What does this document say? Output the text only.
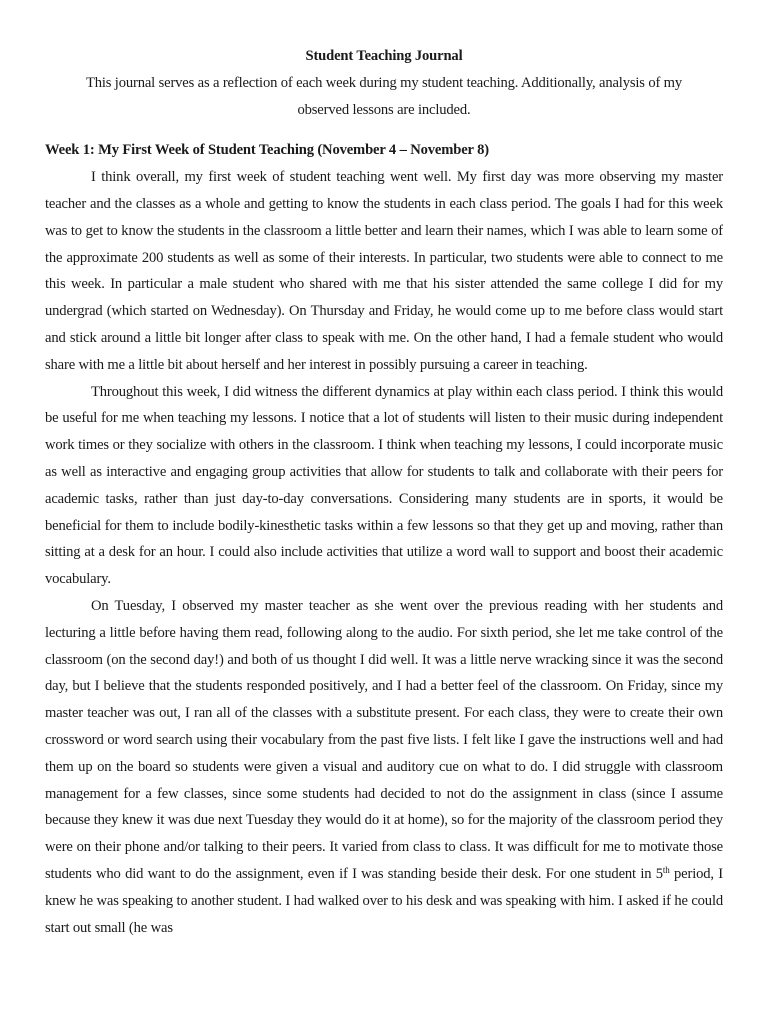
Student Teaching Journal

This journal serves as a reflection of each week during my student teaching. Additionally, analysis of my observed lessons are included.

Week 1: My First Week of Student Teaching (November 4 – November 8)

I think overall, my first week of student teaching went well. My first day was more observing my master teacher and the classes as a whole and getting to know the students in each class period. The goals I had for this week was to get to know the students in the classroom a little better and learn their names, which I was able to learn some of the approximate 200 students as well as some of their interests. In particular, two students were able to connect to me this week. In particular a male student who shared with me that his sister attended the same college I did for my undergrad (which started on Wednesday). On Thursday and Friday, he would come up to me before class would start and stick around a little bit longer after class to speak with me. On the other hand, I had a female student who would share with me a little bit about herself and her interest in possibly pursuing a career in teaching.

Throughout this week, I did witness the different dynamics at play within each class period. I think this would be useful for me when teaching my lessons. I notice that a lot of students will listen to their music during independent work times or they socialize with others in the classroom. I think when teaching my lessons, I could incorporate music as well as interactive and engaging group activities that allow for students to talk and collaborate with their peers for academic tasks, rather than just day-to-day conversations. Considering many students are in sports, it would be beneficial for them to include bodily-kinesthetic tasks within a few lessons so that they get up and moving, rather than sitting at a desk for an hour. I could also include activities that utilize a word wall to support and boost their academic vocabulary.

On Tuesday, I observed my master teacher as she went over the previous reading with her students and lecturing a little before having them read, following along to the audio. For sixth period, she let me take control of the classroom (on the second day!) and both of us thought I did well. It was a little nerve wracking since it was the second day, but I believe that the students responded positively, and I had a better feel of the classroom. On Friday, since my master teacher was out, I ran all of the classes with a substitute present. For each class, they were to create their own crossword or word search using their vocabulary from the past five lists. I felt like I gave the instructions well and had them up on the board so students were given a visual and auditory cue on what to do. I did struggle with classroom management for a few classes, since some students had decided to not do the assignment in class (since I assume because they knew it was due next Tuesday they would do it at home), so for the majority of the classroom period they were on their phone and/or talking to their peers. It varied from class to class. It was difficult for me to motivate those students who did want to do the assignment, even if I was standing beside their desk. For one student in 5th period, I knew he was speaking to another student. I had walked over to his desk and was speaking with him. I asked if he could start out small (he was
